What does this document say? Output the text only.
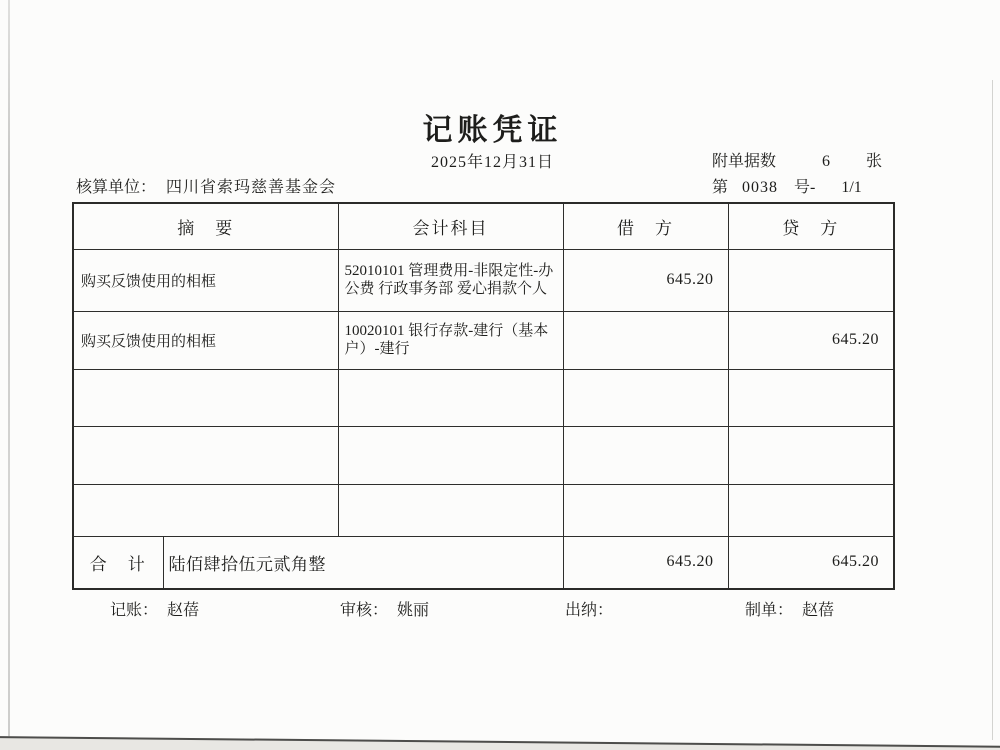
记账凭证
2025年12月31日	附单据数	6 张
第 0038 号- 1/1
核算单位： 四川省索玛慈善基金会
摘　要		会计科目	借　方	贷　方
购买反馈使用的相框		52010101 管理费用-非限定性-办公费 行政事务部 爱心捐款个人	645.20	
购买反馈使用的相框		10020101 银行存款-建行（基本户）-建行		645.20

合　计	陆佰肆拾伍元贰角整		645.20	645.20
记账： 赵蓓	审核： 姚丽	出纳：	制单： 赵蓓
